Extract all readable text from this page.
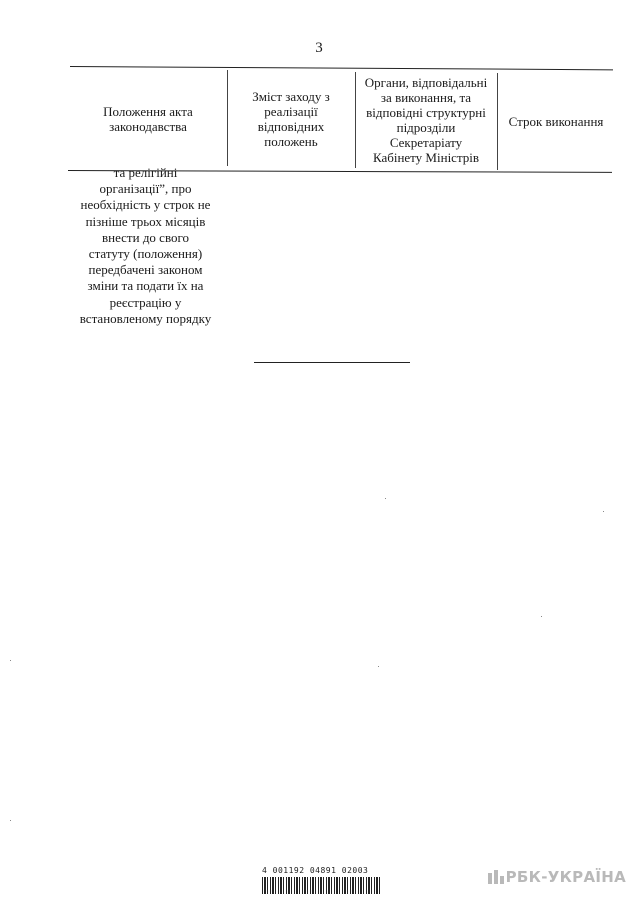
3
Положення акта
законодавства
Зміст заходу з
реалізації
відповідних
положень
Органи, відповідальні
за виконання, та
відповідні структурні
підрозділи
Секретаріату
Кабінету Міністрів
Строк виконання
та релігійні
організації”, про
необхідність у строк не
пізніше трьох місяців
внести до свого
статуту (положення)
передбачені законом
зміни та подати їх на
реєстрацію у
встановленому порядку
4 001192 04891 02003	РБК-УКРАЇНА
